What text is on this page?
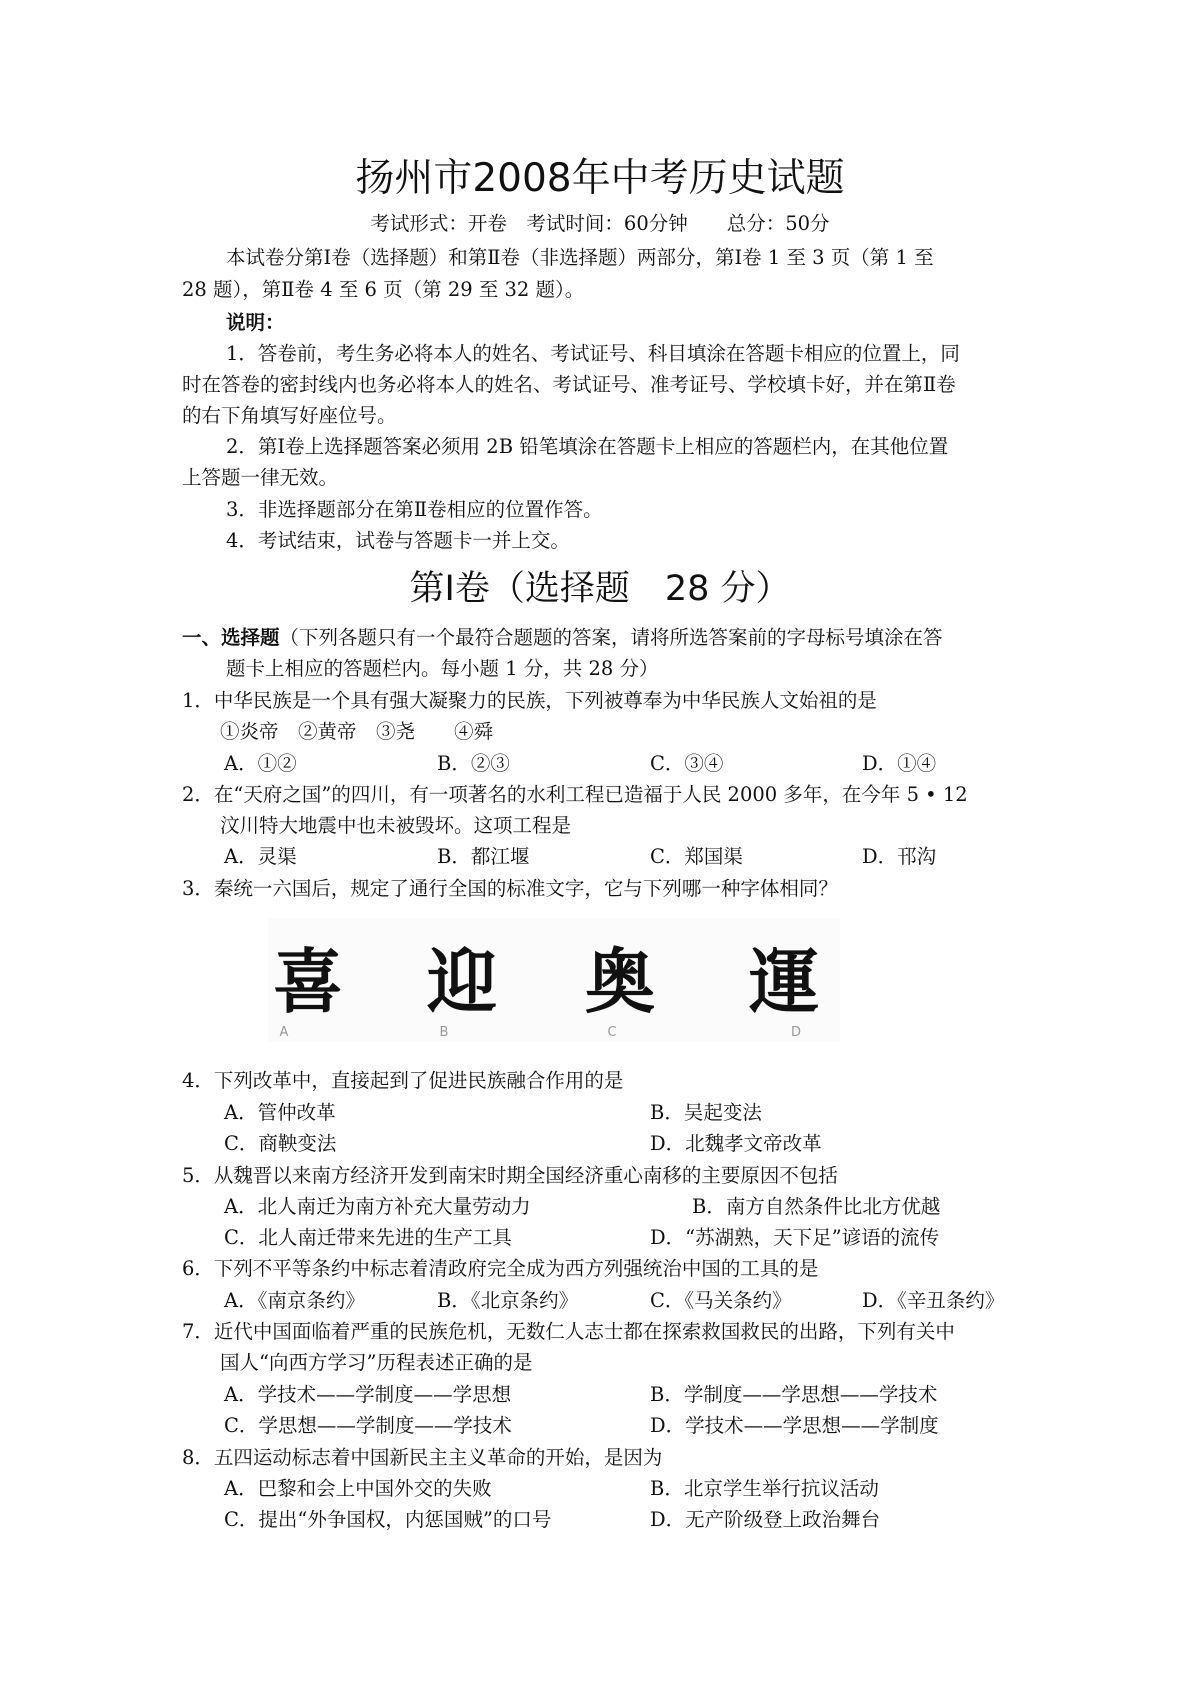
扬州市2008年中考历史试题
考试形式：开卷　考试时间：60分钟　　总分：50分
本试卷分第Ⅰ卷（选择题）和第Ⅱ卷（非选择题）两部分，第Ⅰ卷 1 至 3 页（第 1 至
28 题），第Ⅱ卷 4 至 6 页（第 29 至 32 题）。
说明：
1．答卷前，考生务必将本人的姓名、考试证号、科目填涂在答题卡相应的位置上，同
时在答卷的密封线内也务必将本人的姓名、考试证号、准考证号、学校填卡好，并在第Ⅱ卷
的右下角填写好座位号。
2．第Ⅰ卷上选择题答案必须用 2B 铅笔填涂在答题卡上相应的答题栏内，在其他位置
上答题一律无效。
3．非选择题部分在第Ⅱ卷相应的位置作答。
4．考试结束，试卷与答题卡一并上交。
第Ⅰ卷（选择题　28 分）
一、选择题（下列各题只有一个最符合题题的答案，请将所选答案前的字母标号填涂在答
题卡上相应的答题栏内。每小题 1 分，共 28 分）
1．中华民族是一个具有强大凝聚力的民族，下列被尊奉为中华民族人文始祖的是
①炎帝　②黄帝　③尧　　④舜
A．①②	B．②③	C．③④	D．①④
2．在“天府之国”的四川，有一项著名的水利工程已造福于人民 2000 多年，在今年 5 • 12
汶川特大地震中也未被毁坏。这项工程是
A．灵渠	B．都江堰	C．郑国渠	D．邗沟
3．秦统一六国后，规定了通行全国的标准文字，它与下列哪一种字体相同？
喜 迎 奥 運
A	B	C	D
4．下列改革中，直接起到了促进民族融合作用的是
A．管仲改革	B．吴起变法
C．商鞅变法	D．北魏孝文帝改革
5．从魏晋以来南方经济开发到南宋时期全国经济重心南移的主要原因不包括
A．北人南迁为南方补充大量劳动力	B．南方自然条件比北方优越
C．北人南迁带来先进的生产工具	D．“苏湖熟，天下足”谚语的流传
6．下列不平等条约中标志着清政府完全成为西方列强统治中国的工具的是
A．《南京条约》	B．《北京条约》	C．《马关条约》	D．《辛丑条约》
7．近代中国面临着严重的民族危机，无数仁人志士都在探索救国救民的出路，下列有关中
国人“向西方学习”历程表述正确的是
A．学技术——学制度——学思想	B．学制度——学思想——学技术
C．学思想——学制度——学技术	D．学技术——学思想——学制度
8．五四运动标志着中国新民主主义革命的开始，是因为
A．巴黎和会上中国外交的失败	B．北京学生举行抗议活动
C．提出“外争国权，内惩国贼”的口号	D．无产阶级登上政治舞台
